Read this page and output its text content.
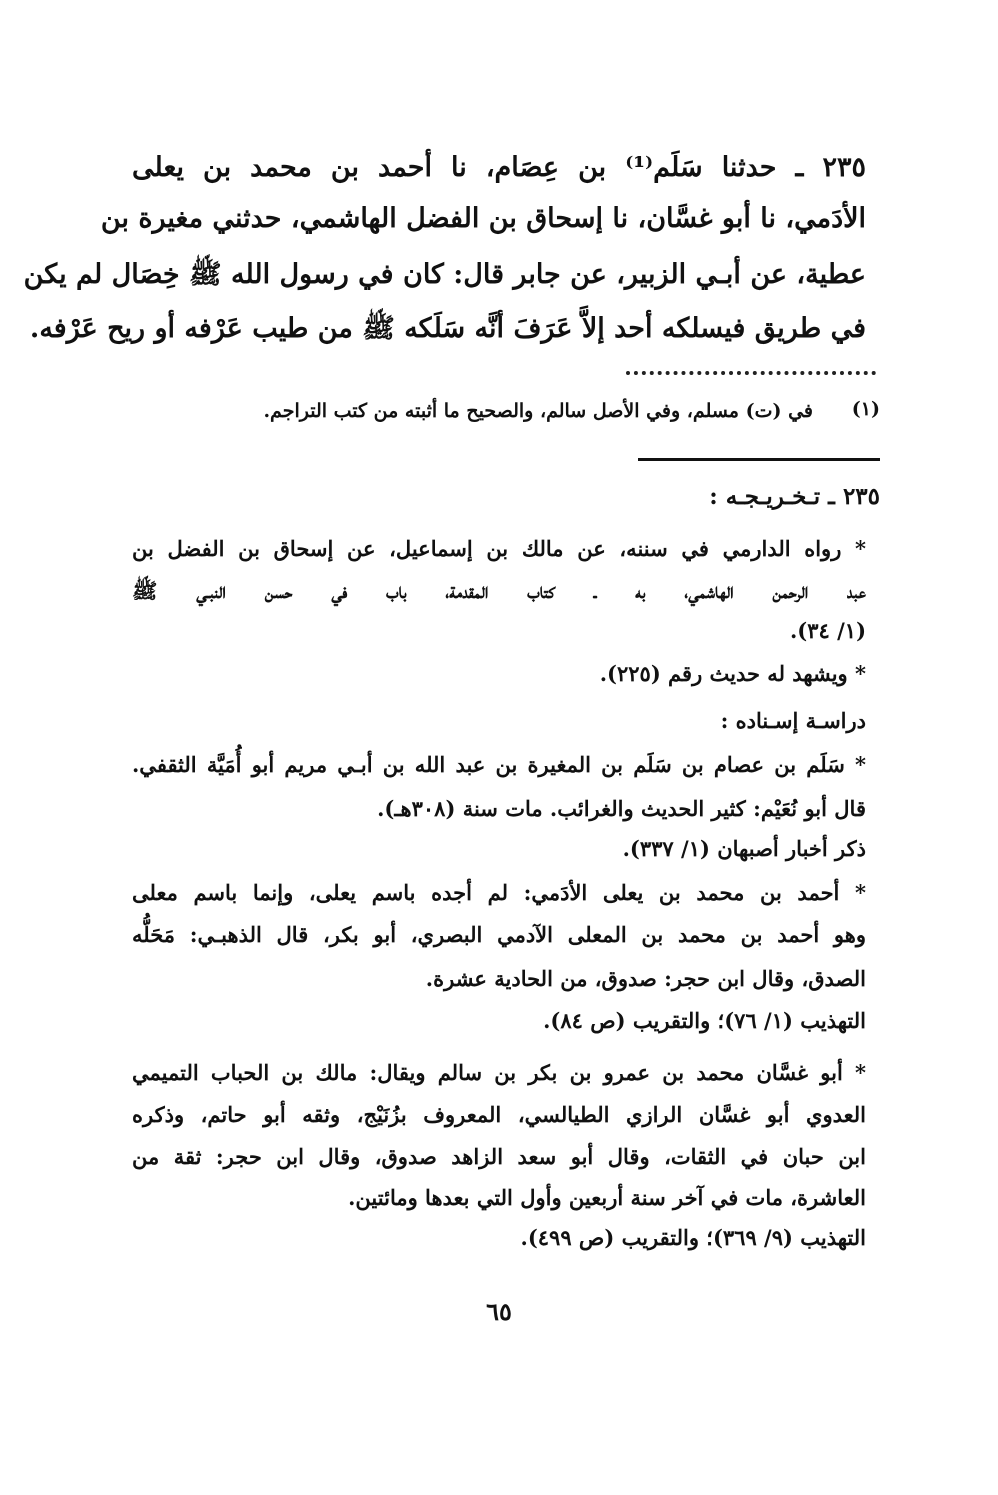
٢٣٥ ـ حدثنا سَلَم⁽¹⁾ بن عِصَام، نا أحمد بن محمد بن يعلى
الأدَمي، نا أبو غسَّان، نا إسحاق بن الفضل الهاشمي، حدثني مغيرة بن
عطية، عن أبـي الزبير، عن جابر قال: كان في رسول الله ﷺ خِصَال لم يكن
في طريق فيسلكه أحد إلاَّ عَرَفَ أنَّه سَلَكه ﷺ من طيب عَرْفه أو ريح عَرْفه.
(١)
في (ت) مسلم، وفي الأصل سالم، والصحيح ما أثبته من كتب التراجم.
٢٣٥ ـ تـخـريـجـه :
* رواه الدارمي في سننه، عن مالك بن إسماعيل، عن إسحاق بن الفضل بن
عبد الرحمن الهاشمي، به ـ كتاب المقدمة، باب في حسن النبـي ﷺ
(١/ ٣٤).
* ويشهد له حديث رقم (٢٢٥).
دراسـة إسـناده :
* سَلَم بن عصام بن سَلَم بن المغيرة بن عبد الله بن أبـي مريم أبو أُمَيَّة الثقفي.
قال أبو نُعَيْم: كثير الحديث والغرائب. مات سنة (٣٠٨هـ).
ذكر أخبار أصبهان (١/ ٣٣٧).
* أحمد بن محمد بن يعلى الأدَمي: لم أجده باسم يعلى، وإنما باسم معلى
وهو أحمد بن محمد بن المعلى الآدمي البصري، أبو بكر، قال الذهبـي: مَحَلُّه
الصدق، وقال ابن حجر: صدوق، من الحادية عشرة.
التهذيب (١/ ٧٦)؛ والتقريب (ص ٨٤).
* أبو غسَّان محمد بن عمرو بن بكر بن سالم ويقال: مالك بن الحباب التميمي
العدوي أبو غسَّان الرازي الطيالسي، المعروف بزُنَيْج، وثقه أبو حاتم، وذكره
ابن حبان في الثقات، وقال أبو سعد الزاهد صدوق، وقال ابن حجر: ثقة من
العاشرة، مات في آخر سنة أربعين وأول التي بعدها ومائتين.
التهذيب (٩/ ٣٦٩)؛ والتقريب (ص ٤٩٩).
٦٥
